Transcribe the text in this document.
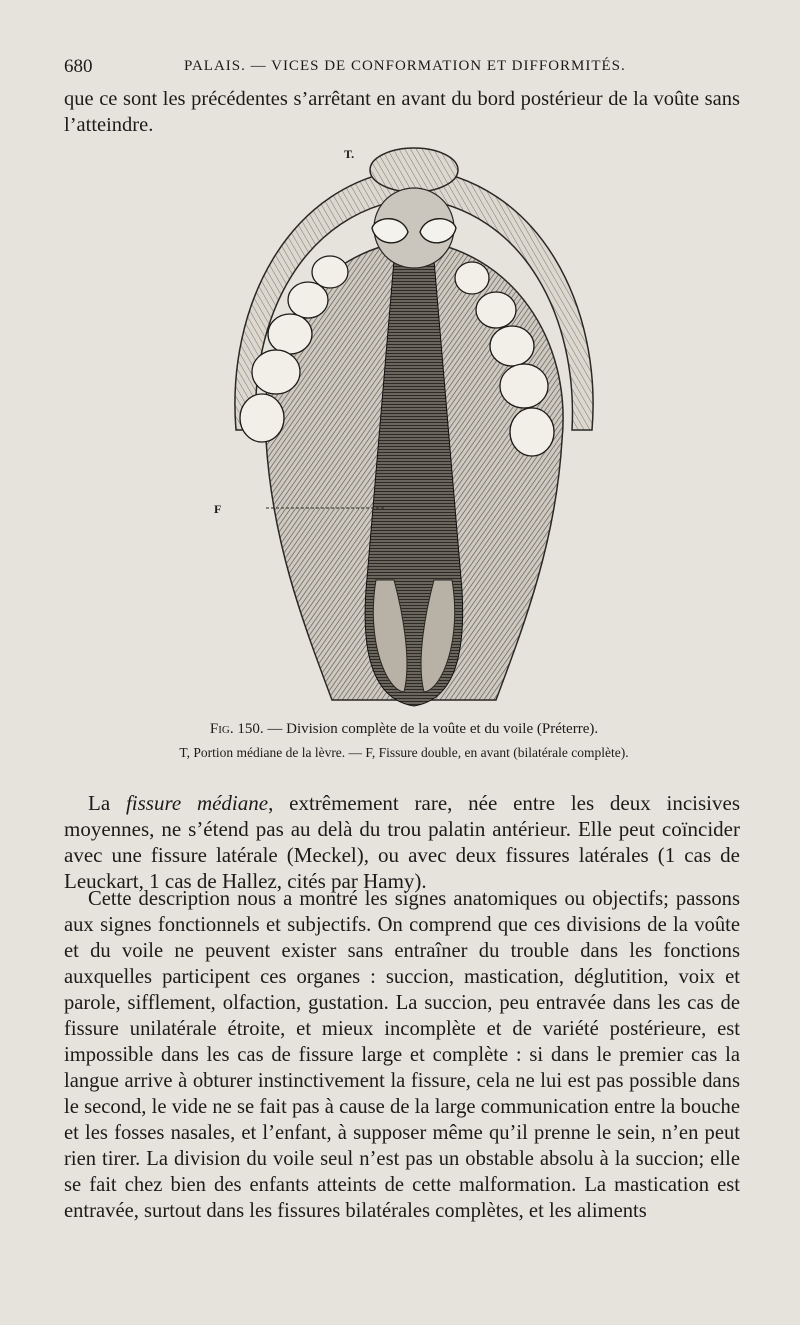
680	PALAIS. — VICES DE CONFORMATION ET DIFFORMITÉS.

que ce sont les précédentes s’arrêtant en avant du bord postérieur de la voûte sans l’atteindre.

T.
F
Fig. 150. — Division complète de la voûte et du voile (Préterre).
T, Portion médiane de la lèvre. — F, Fissure double, en avant (bilatérale complète).

La fissure médiane, extrêmement rare, née entre les deux incisives moyennes, ne s’étend pas au delà du trou palatin antérieur. Elle peut coïncider avec une fissure latérale (Meckel), ou avec deux fissures latérales (1 cas de Leuckart, 1 cas de Hallez, cités par Hamy).

Cette description nous a montré les signes anatomiques ou objectifs; passons aux signes fonctionnels et subjectifs. On comprend que ces divisions de la voûte et du voile ne peuvent exister sans entraîner du trouble dans les fonctions auxquelles participent ces organes : succion, mastication, déglutition, voix et parole, sifflement, olfaction, gustation. La succion, peu entravée dans les cas de fissure unilatérale étroite, et mieux incomplète et de variété postérieure, est impossible dans les cas de fissure large et complète : si dans le premier cas la langue arrive à obturer instinctivement la fissure, cela ne lui est pas possible dans le second, le vide ne se fait pas à cause de la large communication entre la bouche et les fosses nasales, et l’enfant, à supposer même qu’il prenne le sein, n’en peut rien tirer. La division du voile seul n’est pas un obstable absolu à la succion; elle se fait chez bien des enfants atteints de cette malformation. La mastication est entravée, surtout dans les fissures bilatérales complètes, et les aliments
